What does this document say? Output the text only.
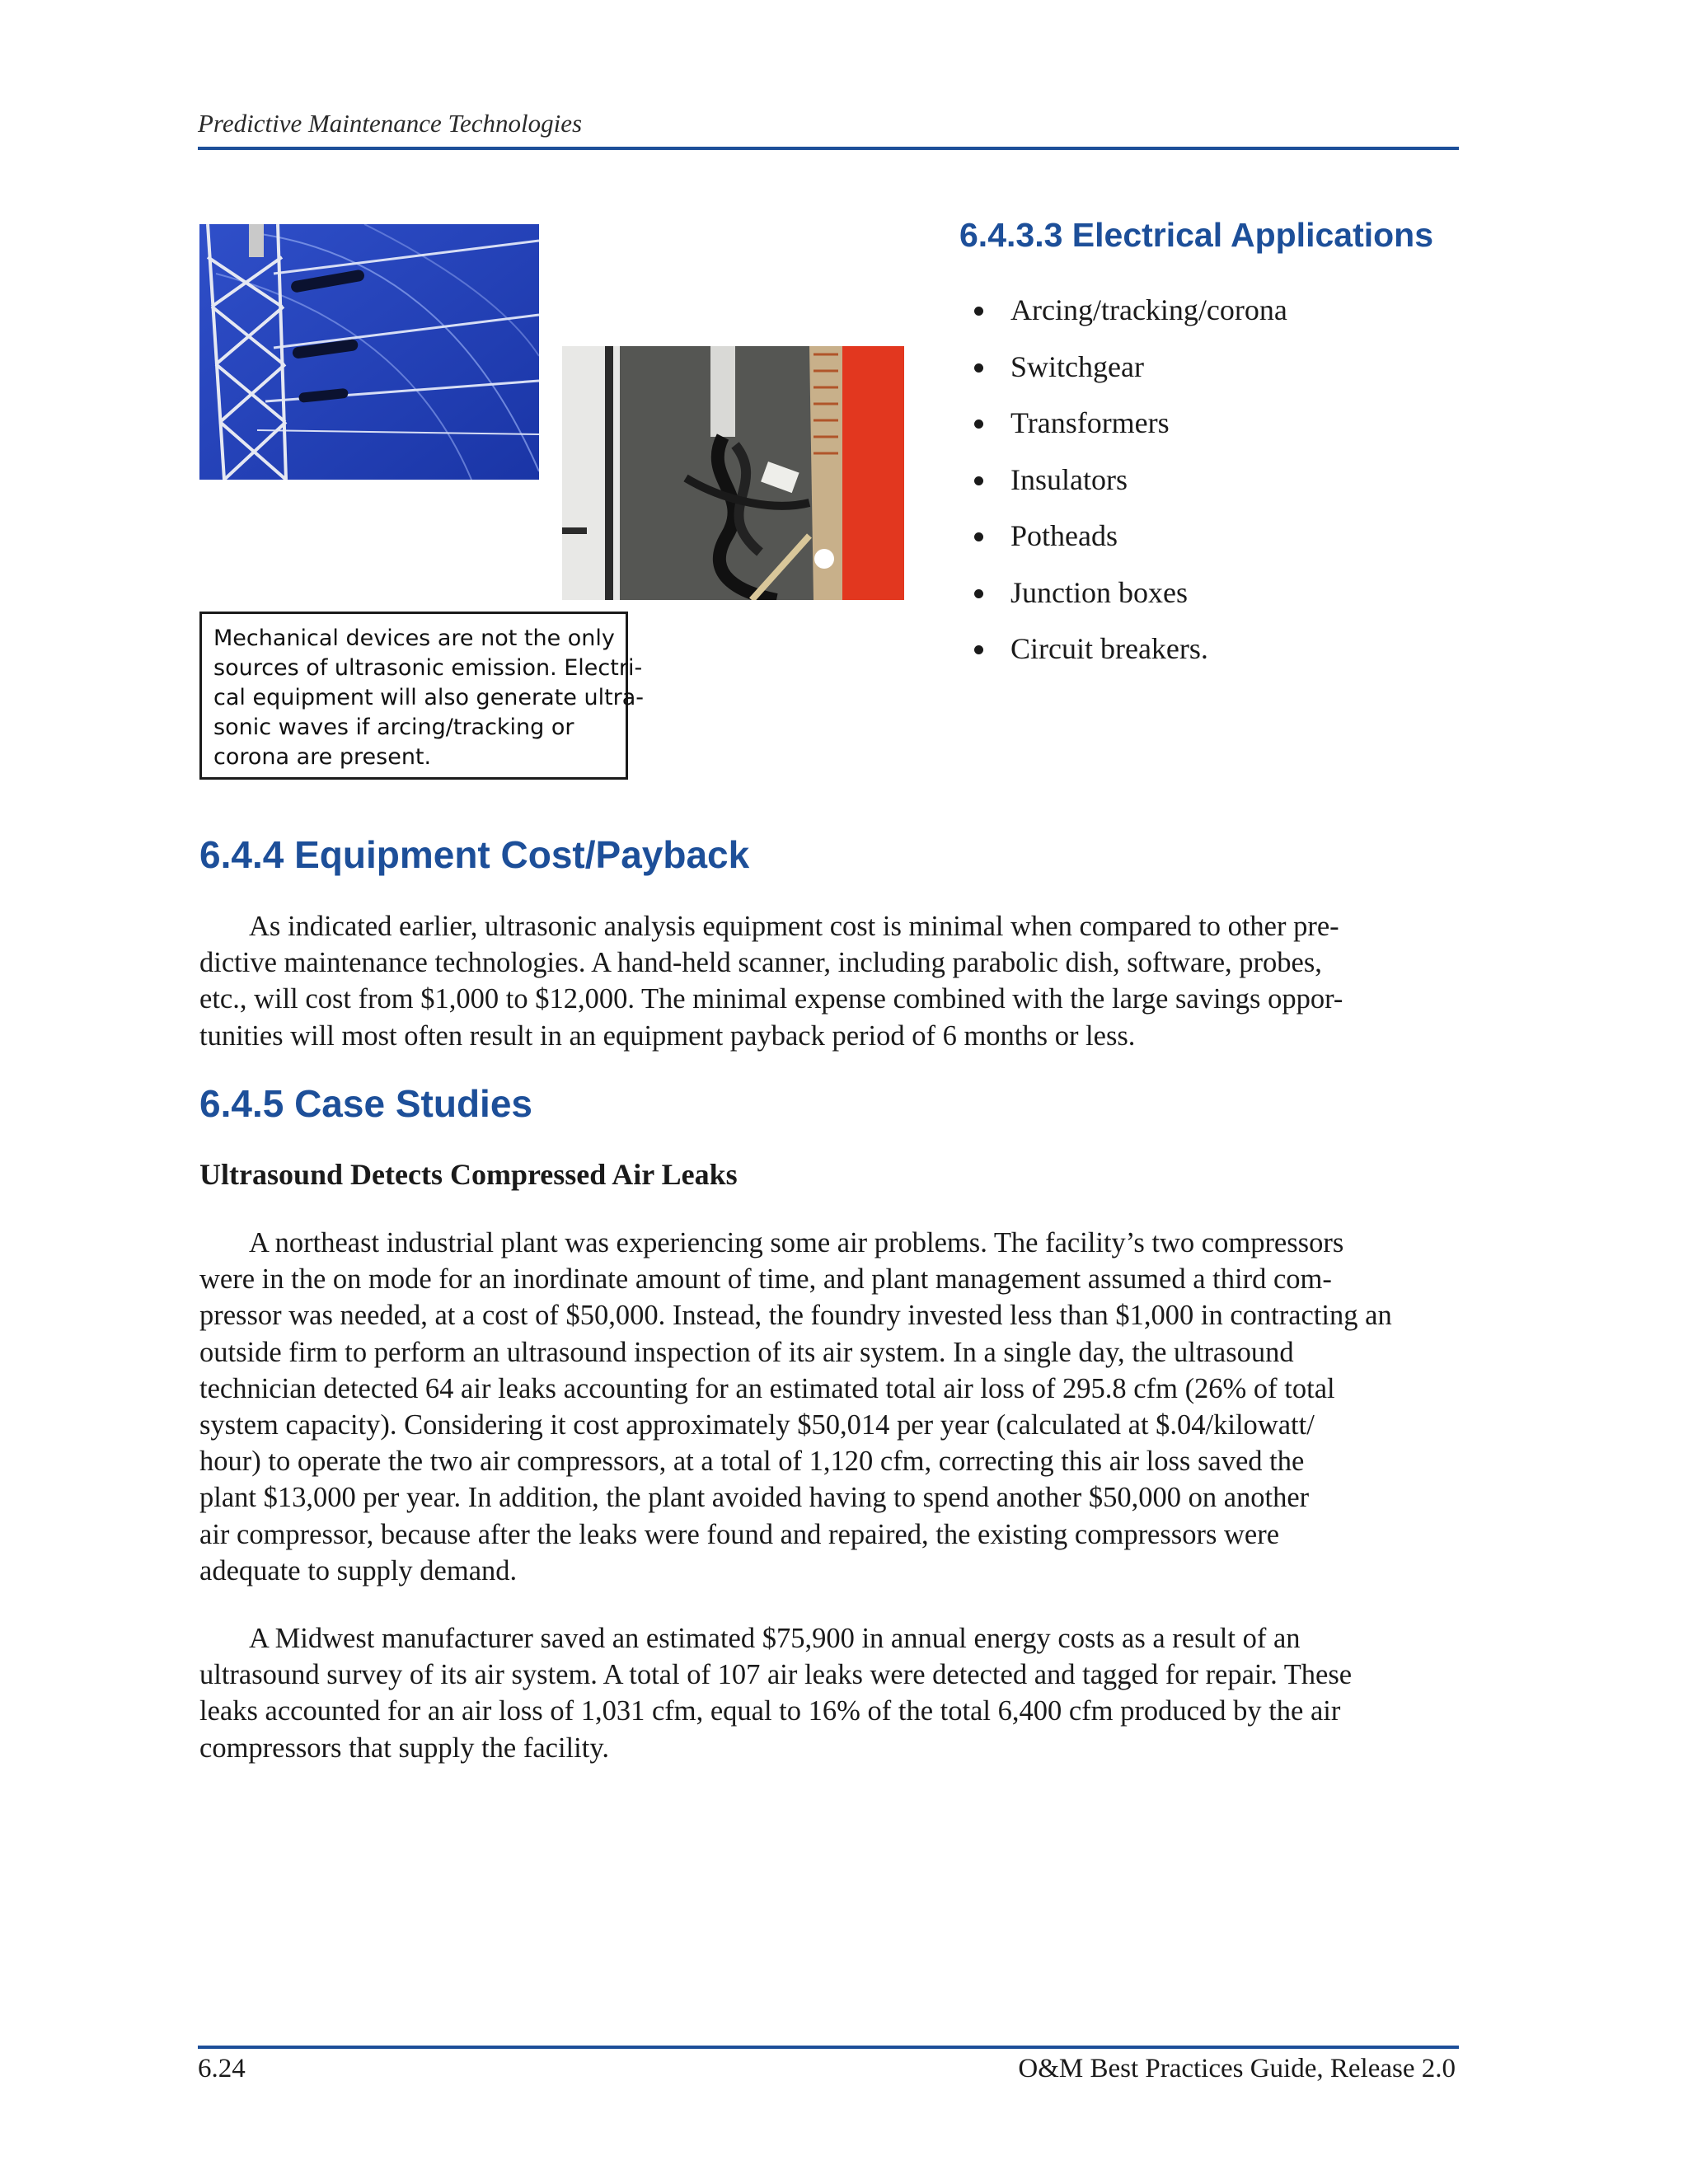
Predictive Maintenance Technologies
Mechanical devices are not the only
sources of ultrasonic emission. Electri-
cal equipment will also generate ultra-
sonic waves if arcing/tracking or
corona are present.
6.4.3.3 Electrical Applications
Arcing/tracking/corona
Switchgear
Transformers
Insulators
Potheads
Junction boxes
Circuit breakers.
6.4.4 Equipment Cost/Payback
As indicated earlier, ultrasonic analysis equipment cost is minimal when compared to other pre-
dictive maintenance technologies. A hand-held scanner, including parabolic dish, software, probes,
etc., will cost from $1,000 to $12,000. The minimal expense combined with the large savings oppor-
tunities will most often result in an equipment payback period of 6 months or less.
6.4.5 Case Studies
Ultrasound Detects Compressed Air Leaks
A northeast industrial plant was experiencing some air problems. The facility’s two compressors
were in the on mode for an inordinate amount of time, and plant management assumed a third com-
pressor was needed, at a cost of $50,000. Instead, the foundry invested less than $1,000 in contracting an
outside firm to perform an ultrasound inspection of its air system. In a single day, the ultrasound
technician detected 64 air leaks accounting for an estimated total air loss of 295.8 cfm (26% of total
system capacity). Considering it cost approximately $50,014 per year (calculated at $.04/kilowatt/
hour) to operate the two air compressors, at a total of 1,120 cfm, correcting this air loss saved the
plant $13,000 per year. In addition, the plant avoided having to spend another $50,000 on another
air compressor, because after the leaks were found and repaired, the existing compressors were
adequate to supply demand.
A Midwest manufacturer saved an estimated $75,900 in annual energy costs as a result of an
ultrasound survey of its air system. A total of 107 air leaks were detected and tagged for repair. These
leaks accounted for an air loss of 1,031 cfm, equal to 16% of the total 6,400 cfm produced by the air
compressors that supply the facility.
6.24	O&M Best Practices Guide, Release 2.0
